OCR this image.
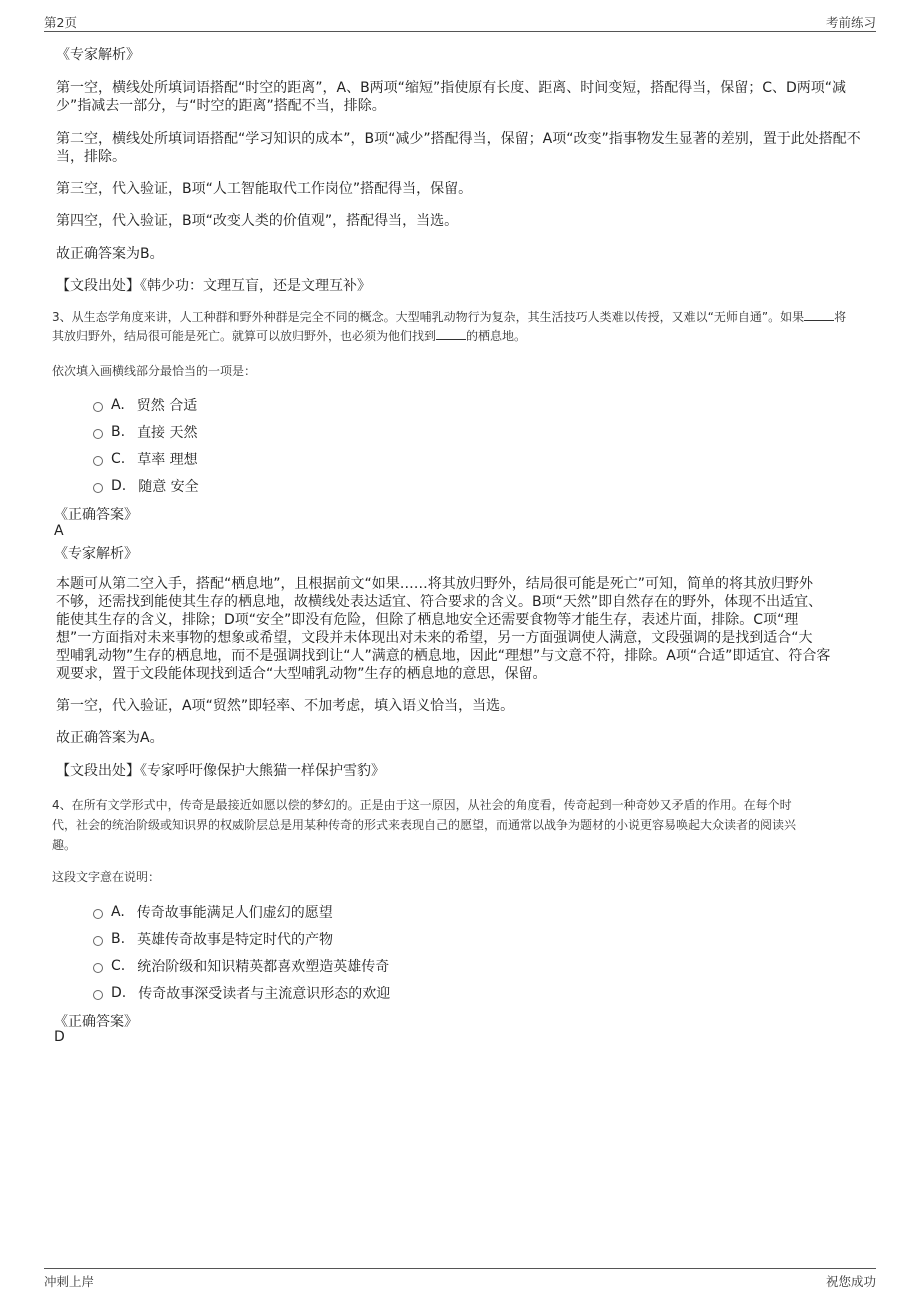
第2页	考前练习
《专家解析》
第一空，横线处所填词语搭配“时空的距离”，A、B两项“缩短”指使原有长度、距离、时间变短，搭配得当，保留；C、D两项“减少”指减去一部分，与“时空的距离”搭配不当，排除。
第二空，横线处所填词语搭配“学习知识的成本”，B项“减少”搭配得当，保留；A项“改变”指事物发生显著的差别，置于此处搭配不当，排除。
第三空，代入验证，B项“人工智能取代工作岗位”搭配得当，保留。
第四空，代入验证，B项“改变人类的价值观”，搭配得当，当选。
故正确答案为B。
【文段出处】《韩少功：文理互盲，还是文理互补》
3、从生态学角度来讲，人工种群和野外种群是完全不同的概念。大型哺乳动物行为复杂，其生活技巧人类难以传授，又难以“无师自通”。如果	将其放归野外，结局很可能是死亡。就算可以放归野外，也必须为他们找到	的栖息地。
依次填入画横线部分最恰当的一项是：
A. 贸然 合适
B. 直接 天然
C. 草率 理想
D. 随意 安全
《正确答案》
A
《专家解析》
本题可从第二空入手，搭配“栖息地”，且根据前文“如果……将其放归野外，结局很可能是死亡”可知，简单的将其放归野外
不够，还需找到能使其生存的栖息地，故横线处表达适宜、符合要求的含义。B项“天然”即自然存在的野外，体现不出适宜、
能使其生存的含义，排除；D项“安全”即没有危险，但除了栖息地安全还需要食物等才能生存，表述片面，排除。C项“理
想”一方面指对未来事物的想象或希望，文段并未体现出对未来的希望，另一方面强调使人满意，文段强调的是找到适合“大
型哺乳动物”生存的栖息地，而不是强调找到让“人”满意的栖息地，因此“理想”与文意不符，排除。A项“合适”即适宜、符合客
观要求，置于文段能体现找到适合“大型哺乳动物”生存的栖息地的意思，保留。
第一空，代入验证，A项“贸然”即轻率、不加考虑，填入语义恰当，当选。
故正确答案为A。
【文段出处】《专家呼吁像保护大熊猫一样保护雪豹》
4、在所有文学形式中，传奇是最接近如愿以偿的梦幻的。正是由于这一原因，从社会的角度看，传奇起到一种奇妙又矛盾的作用。在每个时
代，社会的统治阶级或知识界的权威阶层总是用某种传奇的形式来表现自己的愿望，而通常以战争为题材的小说更容易唤起大众读者的阅读兴
趣。
这段文字意在说明：
A. 传奇故事能满足人们虚幻的愿望
B. 英雄传奇故事是特定时代的产物
C. 统治阶级和知识精英都喜欢塑造英雄传奇
D. 传奇故事深受读者与主流意识形态的欢迎
《正确答案》
D
冲刺上岸	祝您成功
